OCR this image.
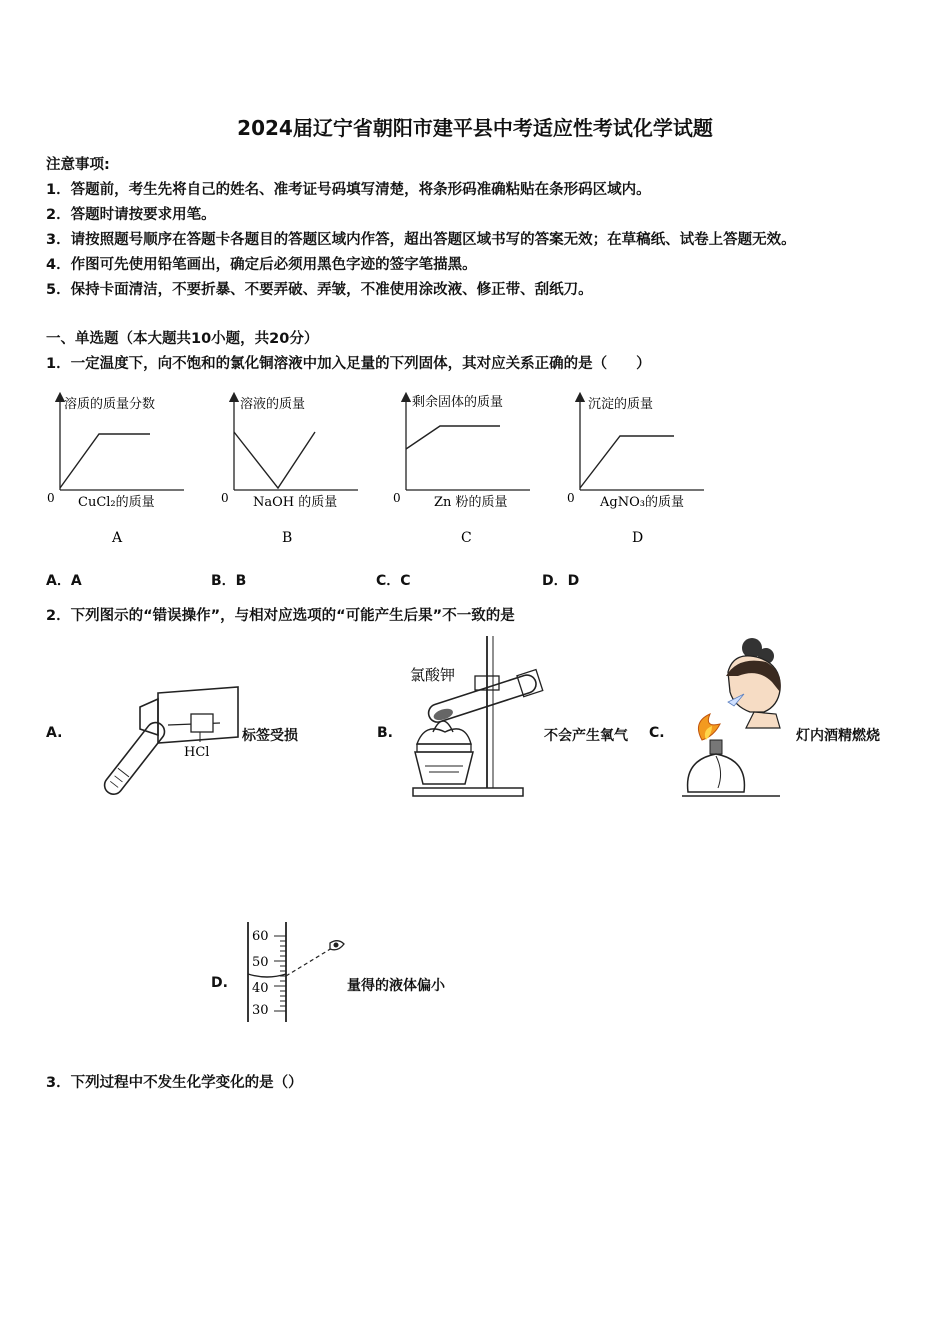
2024届辽宁省朝阳市建平县中考适应性考试化学试题
注意事项:
1．答题前，考生先将自己的姓名、准考证号码填写清楚，将条形码准确粘贴在条形码区域内。
2．答题时请按要求用笔。
3．请按照题号顺序在答题卡各题目的答题区域内作答，超出答题区域书写的答案无效；在草稿纸、试卷上答题无效。
4．作图可先使用铅笔画出，确定后必须用黑色字迹的签字笔描黑。
5．保持卡面清洁，不要折暴、不要弄破、弄皱，不准使用涂改液、修正带、刮纸刀。
一、单选题（本大题共10小题，共20分）
1．一定温度下，向不饱和的氯化铜溶液中加入足量的下列固体，其对应关系正确的是（　　）
溶质的质量分数
0 CuCl₂的质量
A
溶液的质量
0 NaOH 的质量
B
剩余固体的质量
0	Zn 粉的质量
C
沉淀的质量
0 AgNO₃的质量
D
A．A	B．B	C．C	D．D
2．下列图示的“错误操作”，与相对应选项的“可能产生后果”不一致的是
A.
HCl
标签受损	B.
氯酸钾
不会产生氧气 C.	灯内酒精燃烧
D.
60
50
40
30
量得的液体偏小
3．下列过程中不发生化学变化的是（）
